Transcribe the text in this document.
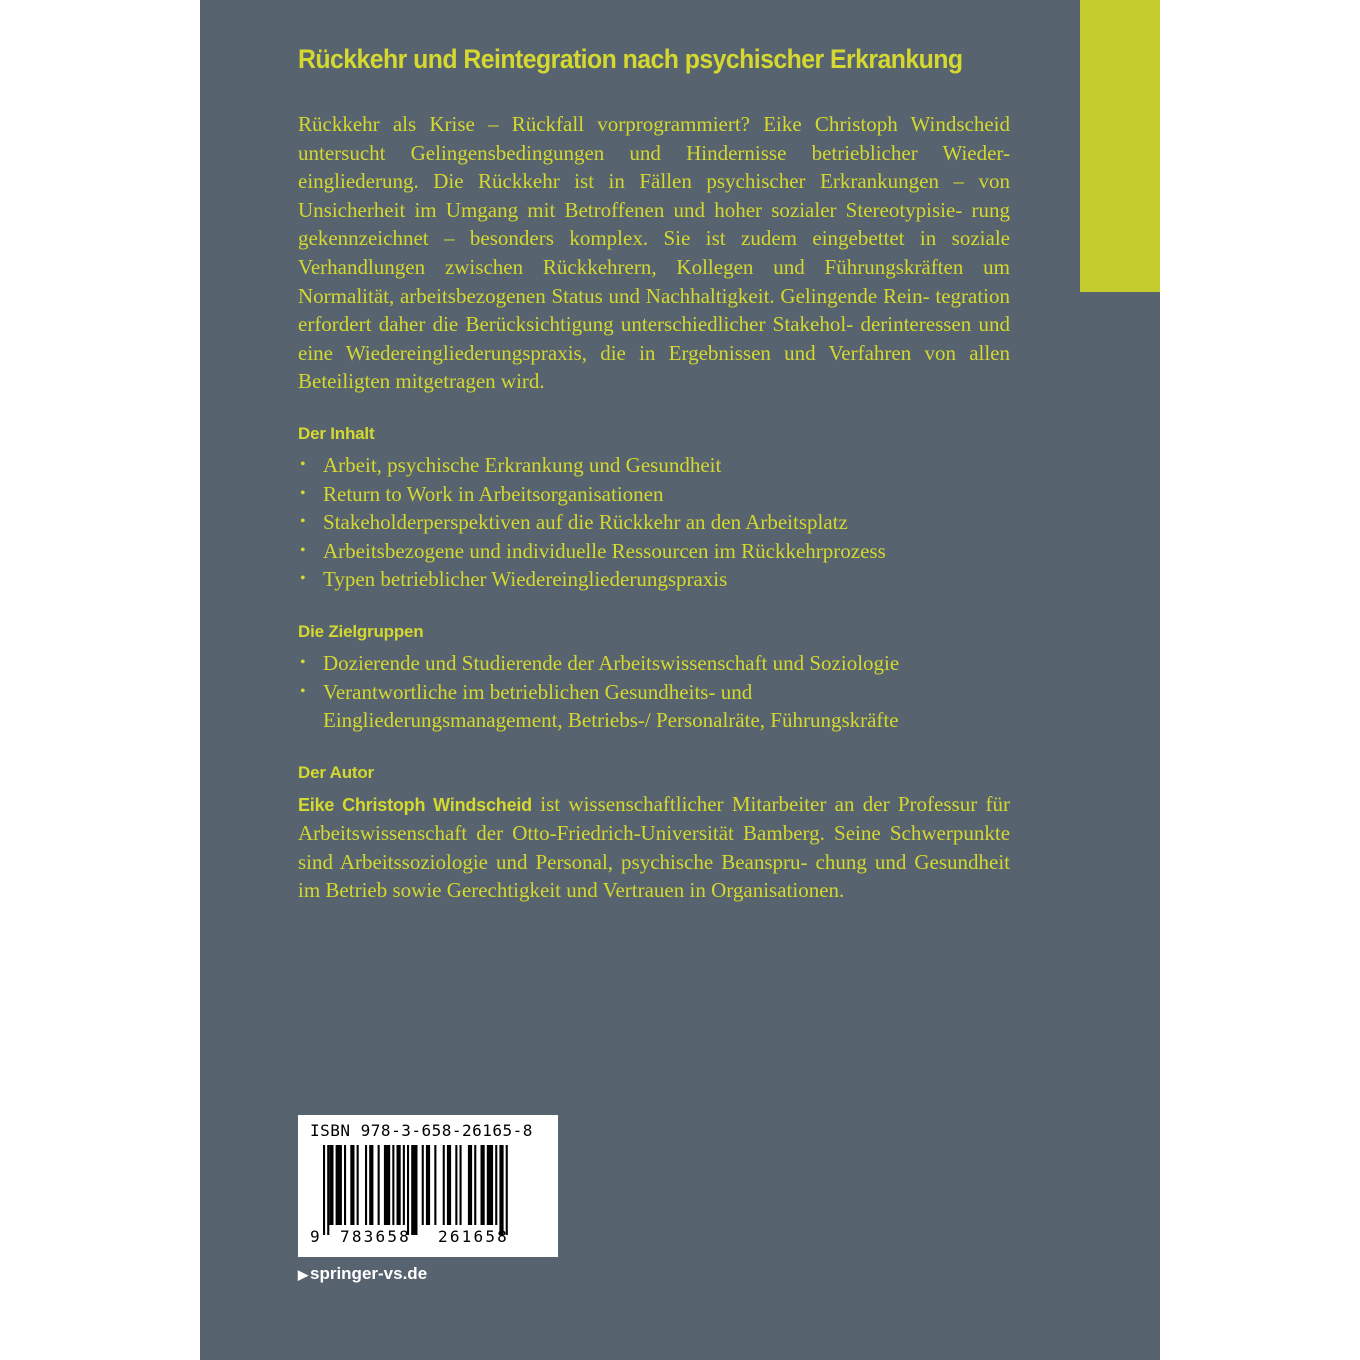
Rückkehr und Reintegration nach psychischer Erkrankung

Rückkehr als Krise – Rückfall vorprogrammiert? Eike Christoph Windscheid untersucht Gelingensbedingungen und Hindernisse betrieblicher Wieder- eingliederung. Die Rückkehr ist in Fällen psychischer Erkrankungen – von Unsicherheit im Umgang mit Betroffenen und hoher sozialer Stereotypisie- rung gekennzeichnet – besonders komplex. Sie ist zudem eingebettet in soziale Verhandlungen zwischen Rückkehrern, Kollegen und Führungskräften um Normalität, arbeitsbezogenen Status und Nachhaltigkeit. Gelingende Rein- tegration erfordert daher die Berücksichtigung unterschiedlicher Stakehol- derinteressen und eine Wiedereingliederungspraxis, die in Ergebnissen und Verfahren von allen Beteiligten mitgetragen wird.

Der Inhalt
• Arbeit, psychische Erkrankung und Gesundheit
• Return to Work in Arbeitsorganisationen
• Stakeholderperspektiven auf die Rückkehr an den Arbeitsplatz
• Arbeitsbezogene und individuelle Ressourcen im Rückkehrprozess
• Typen betrieblicher Wiedereingliederungspraxis
Die Zielgruppen
• Dozierende und Studierende der Arbeitswissenschaft und Soziologie
• Verantwortliche im betrieblichen Gesundheits- und Eingliederungsmanagement, Betriebs-/ Personalräte, Führungskräfte
Der Autor

Eike Christoph Windscheid ist wissenschaftlicher Mitarbeiter an der Professur für Arbeitswissenschaft der Otto-Friedrich-Universität Bamberg. Seine Schwerpunkte sind Arbeitssoziologie und Personal, psychische Beanspru- chung und Gesundheit im Betrieb sowie Gerechtigkeit und Vertrauen in Organisationen.

ISBN 978-3-658-26165-8
9 783658 261658
▶ springer-vs.de
